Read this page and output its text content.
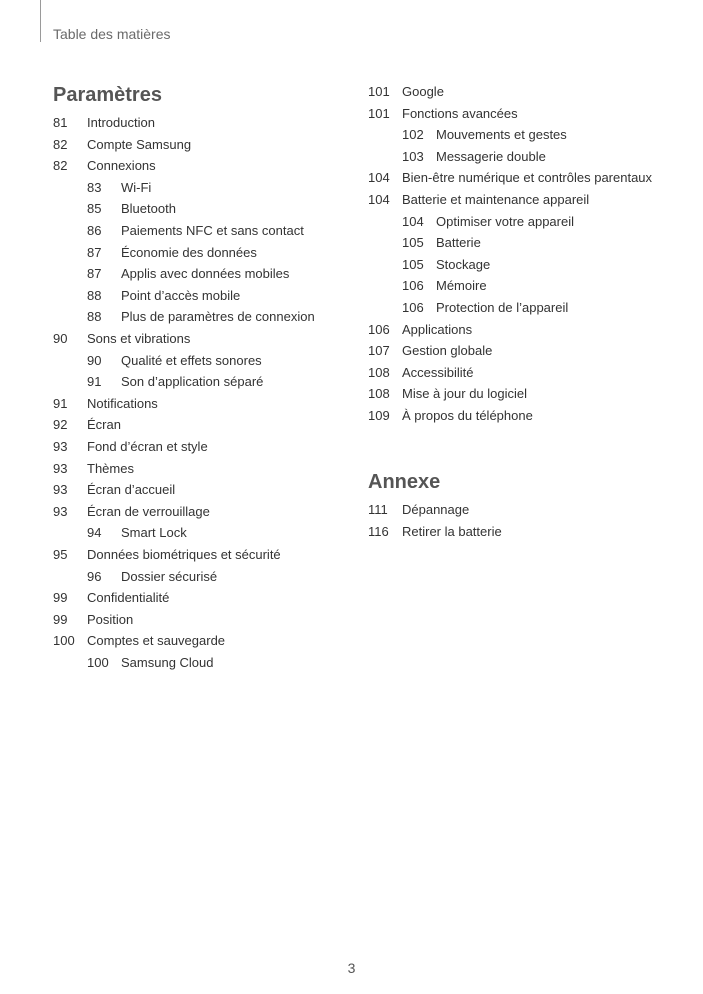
Table des matières
Paramètres
81 Introduction
82 Compte Samsung
82 Connexions
83 Wi-Fi
85 Bluetooth
86 Paiements NFC et sans contact
87 Économie des données
87 Applis avec données mobiles
88 Point d’accès mobile
88 Plus de paramètres de connexion
90 Sons et vibrations
90 Qualité et effets sonores
91 Son d’application séparé
91 Notifications
92 Écran
93 Fond d’écran et style
93 Thèmes
93 Écran d’accueil
93 Écran de verrouillage
94 Smart Lock
95 Données biométriques et sécurité
96 Dossier sécurisé
99 Confidentialité
99 Position
100 Comptes et sauvegarde
100 Samsung Cloud
101 Google
101 Fonctions avancées
102 Mouvements et gestes
103 Messagerie double
104 Bien-être numérique et contrôles parentaux
104 Batterie et maintenance appareil
104 Optimiser votre appareil
105 Batterie
105 Stockage
106 Mémoire
106 Protection de l’appareil
106 Applications
107 Gestion globale
108 Accessibilité
108 Mise à jour du logiciel
109 À propos du téléphone
Annexe
111 Dépannage
116 Retirer la batterie
3
